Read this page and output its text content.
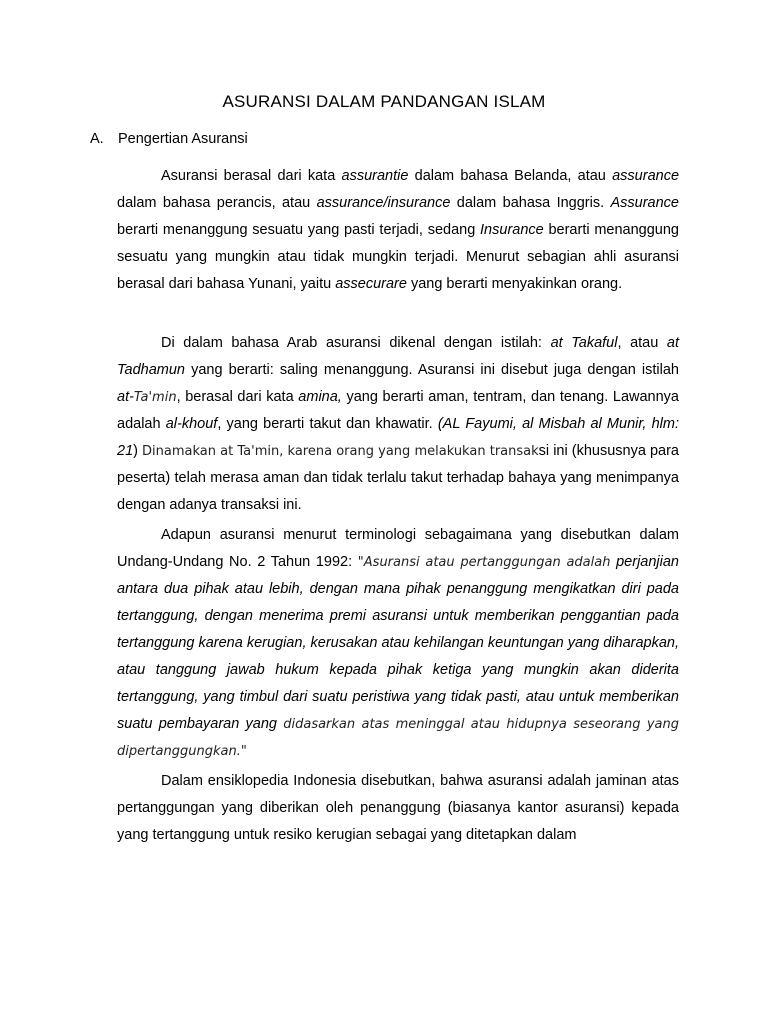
ASURANSI DALAM PANDANGAN ISLAM
A. Pengertian Asuransi

Asuransi berasal dari kata assurantie dalam bahasa Belanda, atau assurance dalam bahasa perancis, atau assurance/insurance dalam bahasa Inggris. Assurance berarti menanggung sesuatu yang pasti terjadi, sedang Insurance berarti menanggung sesuatu yang mungkin atau tidak mungkin terjadi. Menurut sebagian ahli asuransi berasal dari bahasa Yunani, yaitu assecurare yang berarti menyakinkan orang.

Di dalam bahasa Arab asuransi dikenal dengan istilah: at Takaful, atau at Tadhamun yang berarti: saling menanggung. Asuransi ini disebut juga dengan istilah at-Ta'min, berasal dari kata amina, yang berarti aman, tentram, dan tenang. Lawannya adalah al-khouf, yang berarti takut dan khawatir. (AL Fayumi, al Misbah al Munir, hlm: 21) Dinamakan at Ta'min, karena orang yang melakukan transaksi ini (khususnya para peserta) telah merasa aman dan tidak terlalu takut terhadap bahaya yang menimpanya dengan adanya transaksi ini.

Adapun asuransi menurut terminologi sebagaimana yang disebutkan dalam Undang-Undang No. 2 Tahun 1992: "Asuransi atau pertanggungan adalah perjanjian antara dua pihak atau lebih, dengan mana pihak penanggung mengikatkan diri pada tertanggung, dengan menerima premi asuransi untuk memberikan penggantian pada tertanggung karena kerugian, kerusakan atau kehilangan keuntungan yang diharapkan, atau tanggung jawab hukum kepada pihak ketiga yang mungkin akan diderita tertanggung, yang timbul dari suatu peristiwa yang tidak pasti, atau untuk memberikan suatu pembayaran yang didasarkan atas meninggal atau hidupnya seseorang yang dipertanggungkan."

Dalam ensiklopedia Indonesia disebutkan, bahwa asuransi adalah jaminan atas pertanggungan yang diberikan oleh penanggung (biasanya kantor asuransi) kepada yang tertanggung untuk resiko kerugian sebagai yang ditetapkan dalam
